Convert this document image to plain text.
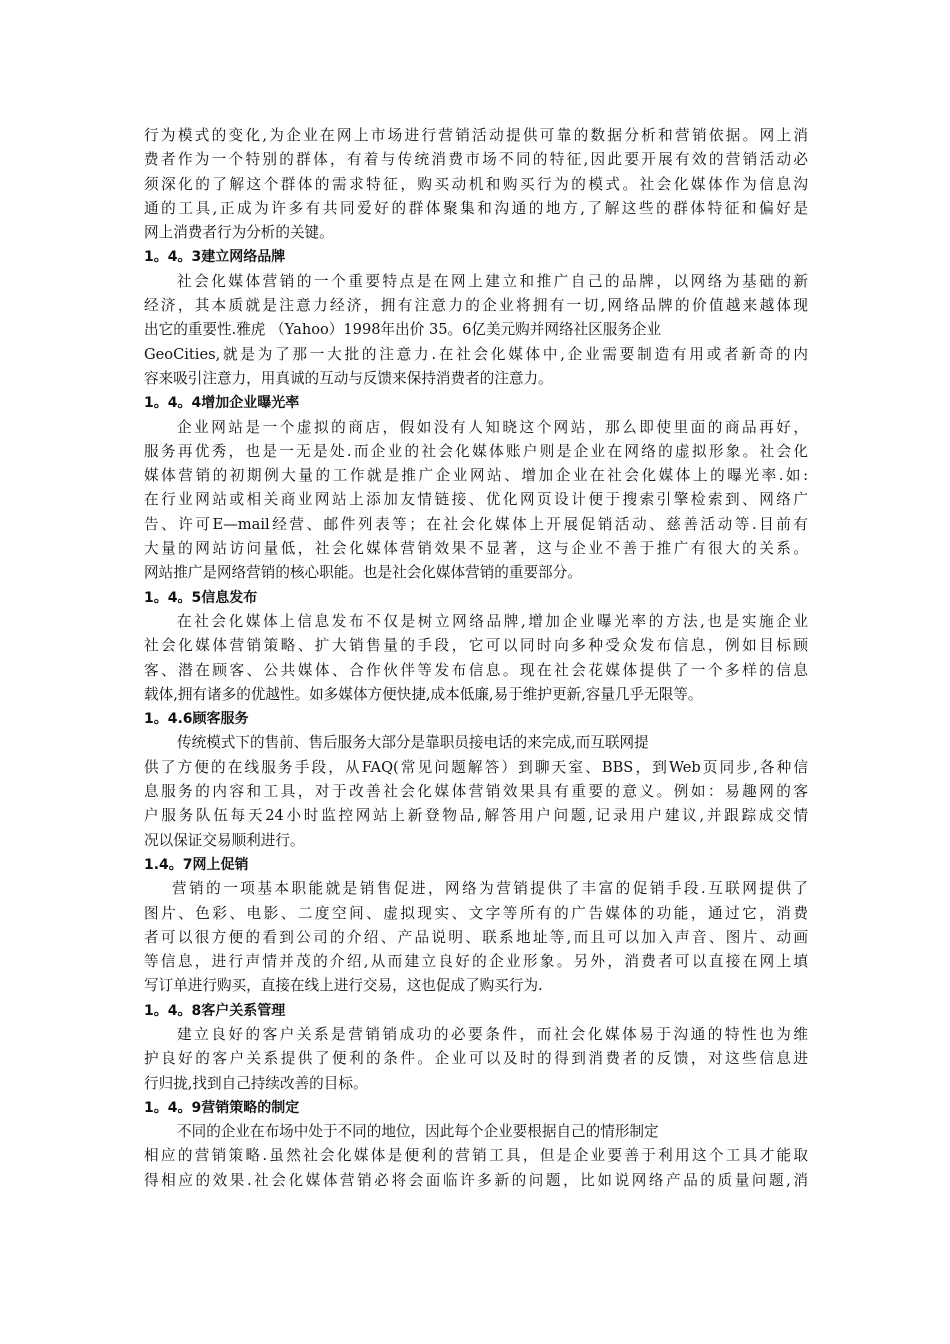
行为模式的变化,为企业在网上市场进行营销活动提供可靠的数据分析和营销依据。网上消
费者作为一个特别的群体，有着与传统消费市场不同的特征,因此要开展有效的营销活动必
须深化的了解这个群体的需求特征，购买动机和购买行为的模式。社会化媒体作为信息沟
通的工具,正成为许多有共同爱好的群体聚集和沟通的地方,了解这些的群体特征和偏好是
网上消费者行为分析的关键。
1。4。3建立网络品牌
社会化媒体营销的一个重要特点是在网上建立和推广自己的品牌，以网络为基础的新
经济，其本质就是注意力经济，拥有注意力的企业将拥有一切,网络品牌的价值越来越体现
出它的重要性.雅虎 （Yahoo）1998年出价 35。6亿美元购并网络社区服务企业
GeoCities,就是为了那一大批的注意力.在社会化媒体中,企业需要制造有用或者新奇的内
容来吸引注意力，用真诚的互动与反馈来保持消费者的注意力。
1。4。4增加企业曝光率
企业网站是一个虚拟的商店，假如没有人知晓这个网站，那么即使里面的商品再好，
服务再优秀，也是一无是处.而企业的社会化媒体账户则是企业在网络的虚拟形象。社会化
媒体营销的初期例大量的工作就是推广企业网站、增加企业在社会化媒体上的曝光率.如:
在行业网站或相关商业网站上添加友情链接、优化网页设计便于搜索引擎检索到、网络广
告、许可E—mail经营、邮件列表等；在社会化媒体上开展促销活动、慈善活动等.目前有
大量的网站访问量低，社会化媒体营销效果不显著，这与企业不善于推广有很大的关系。
网站推广是网络营销的核心职能。也是社会化媒体营销的重要部分。
1。4。5信息发布
在社会化媒体上信息发布不仅是树立网络品牌,增加企业曝光率的方法,也是实施企业
社会化媒体营销策略、扩大销售量的手段，它可以同时向多种受众发布信息，例如目标顾
客、潜在顾客、公共媒体、合作伙伴等发布信息。现在社会花媒体提供了一个多样的信息
载体,拥有诸多的优越性。如多媒体方便快捷,成本低廉,易于维护更新,容量几乎无限等。
1。4.6顾客服务
传统模式下的售前、售后服务大部分是靠职员接电话的来完成,而互联网提
供了方便的在线服务手段，从FAQ(常见问题解答）到聊天室、BBS，到Web页同步,各种信
息服务的内容和工具，对于改善社会化媒体营销效果具有重要的意义。例如：易趣网的客
户服务队伍每天24小时监控网站上新登物品,解答用户问题,记录用户建议,并跟踪成交情
况以保证交易顺利进行。
1.4。7网上促销
营销的一项基本职能就是销售促进，网络为营销提供了丰富的促销手段.互联网提供了
图片、色彩、电影、二度空间、虚拟现实、文字等所有的广告媒体的功能，通过它，消费
者可以很方便的看到公司的介绍、产品说明、联系地址等,而且可以加入声音、图片、动画
等信息，进行声情并茂的介绍,从而建立良好的企业形象。另外，消费者可以直接在网上填
写订单进行购买，直接在线上进行交易，这也促成了购买行为.
1。4。8客户关系管理
建立良好的客户关系是营销销成功的必要条件，而社会化媒体易于沟通的特性也为维
护良好的客户关系提供了便利的条件。企业可以及时的得到消费者的反馈，对这些信息进
行归拢,找到自己持续改善的目标。
1。4。9营销策略的制定
不同的企业在布场中处于不同的地位，因此每个企业要根据自己的情形制定
相应的营销策略.虽然社会化媒体是便利的营销工具，但是企业要善于利用这个工具才能取
得相应的效果.社会化媒体营销必将会面临许多新的问题，比如说网络产品的质量问题,消
